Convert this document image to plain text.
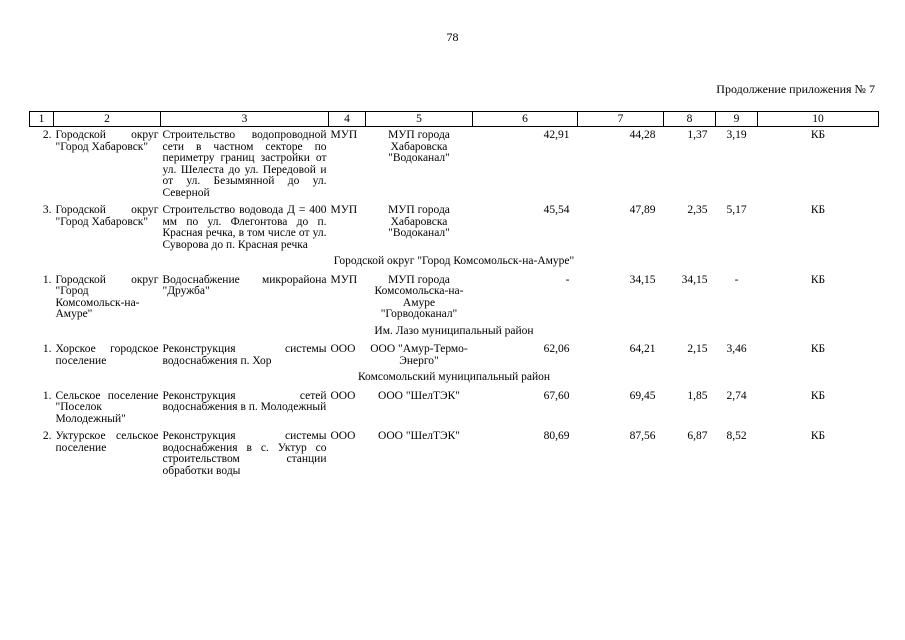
78
Продолжение приложения № 7
1	2	3	4	5	6	7	8	9	10
2.	Городской округ "Город Хабаровск"	Строительство водопроводной сети в частном секторе по периметру границ застройки от ул. Шелеста до ул. Передовой и от ул. Безымянной до ул. Северной	МУП	МУП города Хабаровска "Водоканал"	42,91	44,28	1,37	3,19	КБ
3.	Городской округ "Город Хабаровск"	Строительство водовода Д = 400 мм по ул. Флегонтова до п. Красная речка, в том числе от ул. Суворова до п. Красная речка	МУП	МУП города Хабаровска "Водоканал"	45,54	47,89	2,35	5,17	КБ
Городской округ "Город Комсомольск-на-Амуре"									
1.	Городской округ "Город Комсомольск-на-Амуре"	Водоснабжение микрорайона "Дружба"	МУП	МУП города Комсомольска-на-Амуре "Горводоканал"	-	34,15	34,15	-	КБ
Им. Лазо муниципальный район									
1.	Хорское городское поселение	Реконструкция системы водоснабжения п. Хор	ООО	ООО "Амур-Термо-Энерго"	62,06	64,21	2,15	3,46	КБ
Комсомольский муниципальный район									
1.	Сельское поселение "Поселок Молодежный"	Реконструкция сетей водоснабжения в п. Молодежный	ООО	ООО "ШелТЭК"	67,60	69,45	1,85	2,74	КБ
2.	Уктурское сельское поселение	Реконструкция системы водоснабжения в с. Уктур со строительством станции обработки воды	ООО	ООО "ШелТЭК"	80,69	87,56	6,87	8,52	КБ
